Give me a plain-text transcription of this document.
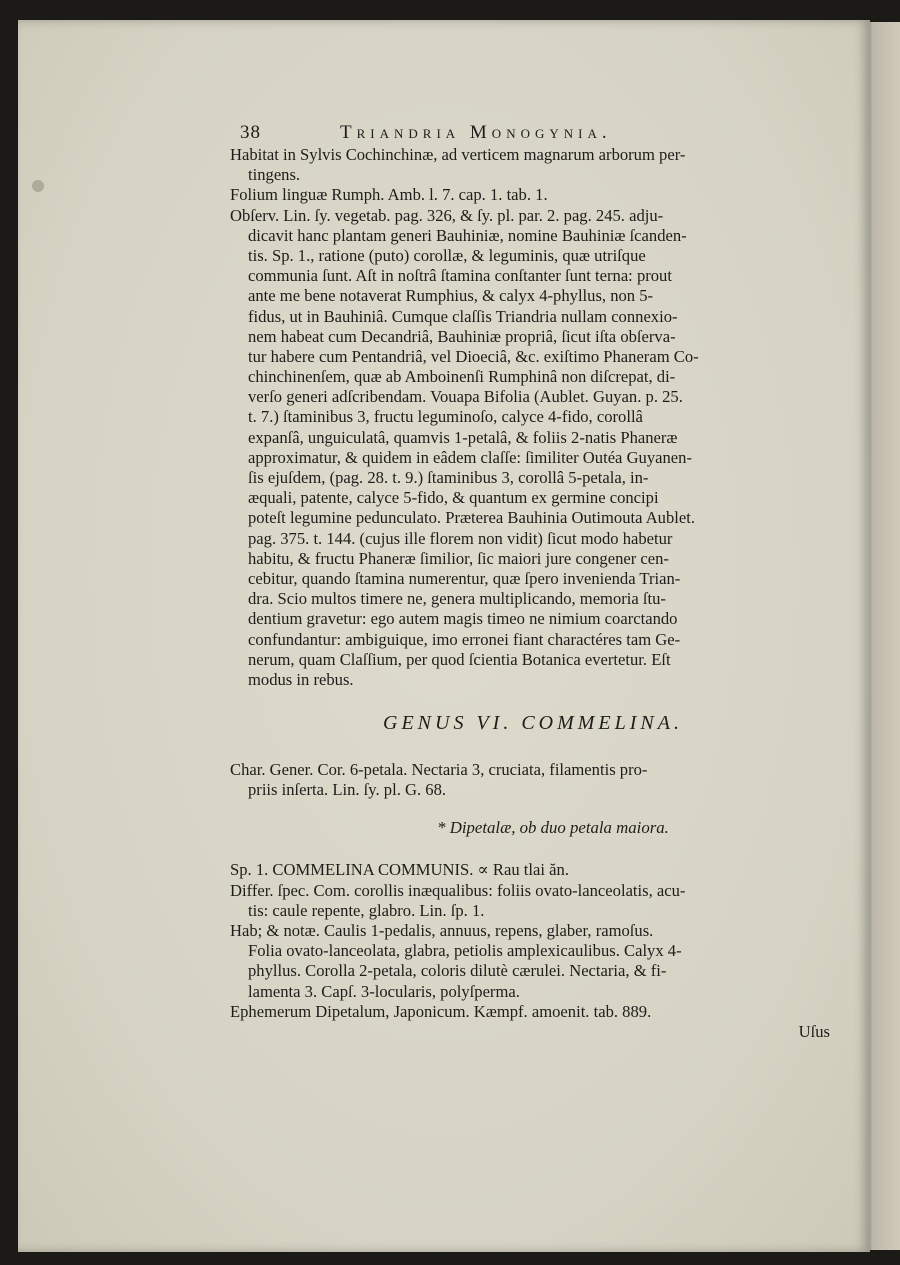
38	Triandria Monogynia.
Habitat in Sylvis Cochinchinæ, ad verticem magnarum arborum per-
tingens.
Folium linguæ Rumph. Amb. l. 7. cap. 1. tab. 1.
Obſerv. Lin. ſy. vegetab. pag. 326, & ſy. pl. par. 2. pag. 245. adju-
dicavit hanc plantam generi Bauhiniæ, nomine Bauhiniæ ſcanden-
tis. Sp. 1., ratione (puto) corollæ, & leguminis, quæ utriſque
communia ſunt. Aſt in noſtrâ ſtamina conſtanter ſunt terna: prout
ante me bene notaverat Rumphius, & calyx 4-phyllus, non 5-
fidus, ut in Bauhiniâ. Cumque claſſis Triandria nullam connexio-
nem habeat cum Decandriâ, Bauhiniæ propriâ, ſicut iſta obſerva-
tur habere cum Pentandriâ, vel Dioeciâ, &c. exiſtimo Phaneram Co-
chinchinenſem, quæ ab Amboinenſi Rumphinâ non diſcrepat, di-
verſo generi adſcribendam. Vouapa Bifolia (Aublet. Guyan. p. 25.
t. 7.) ſtaminibus 3, fructu leguminoſo, calyce 4-fido, corollâ
expanſâ, unguiculatâ, quamvis 1-petalâ, & foliis 2-natis Phaneræ
approximatur, & quidem in eâdem claſſe: ſimiliter Outéa Guyanen-
ſis ejuſdem, (pag. 28. t. 9.) ſtaminibus 3, corollâ 5-petala, in-
æquali, patente, calyce 5-fido, & quantum ex germine concipi
poteſt legumine pedunculato. Præterea Bauhinia Outimouta Aublet.
pag. 375. t. 144. (cujus ille florem non vidit) ſicut modo habetur
habitu, & fructu Phaneræ ſimilior, ſic maiori jure congener cen-
cebitur, quando ſtamina numerentur, quæ ſpero invenienda Trian-
dra. Scio multos timere ne, genera multiplicando, memoria ſtu-
dentium gravetur: ego autem magis timeo ne nimium coarctando
confundantur: ambiguique, imo erronei fiant charactéres tam Ge-
nerum, quam Claſſium, per quod ſcientia Botanica evertetur. Eſt
modus in rebus.
GENUS VI. COMMELINA.
Char. Gener. Cor. 6-petala. Nectaria 3, cruciata, filamentis pro-
priis inſerta. Lin. ſy. pl. G. 68.
* Dipetalæ, ob duo petala maiora.
Sp. 1. COMMELINA COMMUNIS. ∝ Rau tlai ăn.
Differ. ſpec. Com. corollis inæqualibus: foliis ovato-lanceolatis, acu-
tis: caule repente, glabro. Lin. ſp. 1.
Hab; & notæ. Caulis 1-pedalis, annuus, repens, glaber, ramoſus.
Folia ovato-lanceolata, glabra, petiolis amplexicaulibus. Calyx 4-
phyllus. Corolla 2-petala, coloris dilutè cærulei. Nectaria, & fi-
lamenta 3. Capſ. 3-locularis, polyſperma.
Ephemerum Dipetalum, Japonicum. Kæmpf. amoenit. tab. 889.
Uſus
